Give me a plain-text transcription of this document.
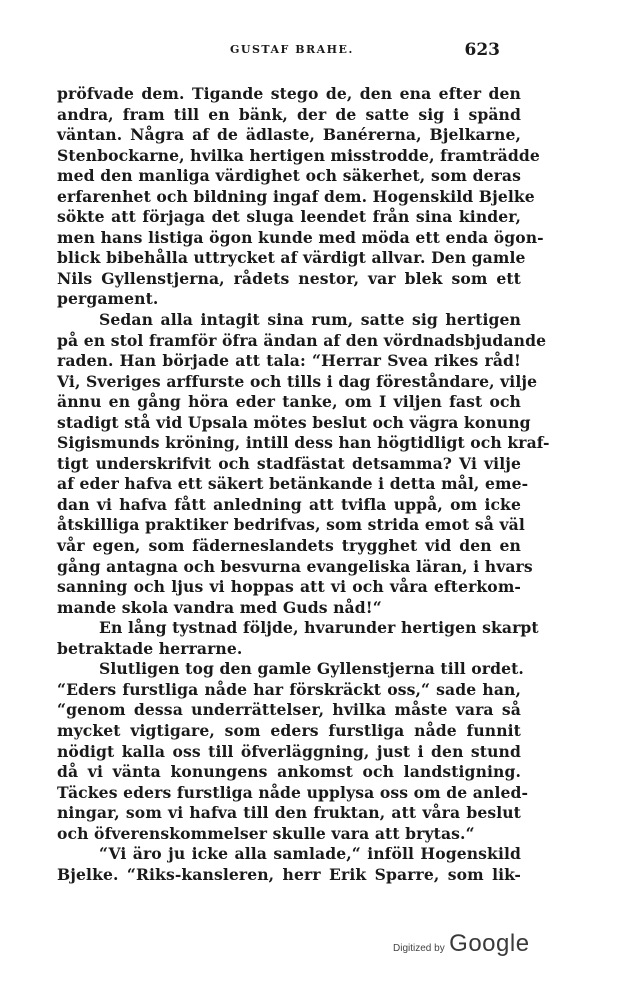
GUSTAF BRAHE.	623
pröfvade dem. Tigande stego de, den ena efter den
andra, fram till en bänk, der de satte sig i spänd
väntan. Några af de ädlaste, Banérerna, Bjelkarne,
Stenbockarne, hvilka hertigen misstrodde, framträdde
med den manliga värdighet och säkerhet, som deras
erfarenhet och bildning ingaf dem. Hogenskild Bjelke
sökte att förjaga det sluga leendet från sina kinder,
men hans listiga ögon kunde med möda ett enda ögon-
blick bibehålla uttrycket af värdigt allvar. Den gamle
Nils Gyllenstjerna, rådets nestor, var blek som ett
pergament.
Sedan alla intagit sina rum, satte sig hertigen
på en stol framför öfra ändan af den vördnadsbjudande
raden. Han började att tala: “Herrar Svea rikes råd!
Vi, Sveriges arffurste och tills i dag föreståndare, vilje
ännu en gång höra eder tanke, om I viljen fast och
stadigt stå vid Upsala mötes beslut och vägra konung
Sigismunds kröning, intill dess han högtidligt och kraf-
tigt underskrifvit och stadfästat detsamma? Vi vilje
af eder hafva ett säkert betänkande i detta mål, eme-
dan vi hafva fått anledning att tvifla uppå, om icke
åtskilliga praktiker bedrifvas, som strida emot så väl
vår egen, som fäderneslandets trygghet vid den en
gång antagna och besvurna evangeliska läran, i hvars
sanning och ljus vi hoppas att vi och våra efterkom-
mande skola vandra med Guds nåd!“
En lång tystnad följde, hvarunder hertigen skarpt
betraktade herrarne.
Slutligen tog den gamle Gyllenstjerna till ordet.
“Eders furstliga nåde har förskräckt oss,“ sade han,
“genom dessa underrättelser, hvilka måste vara så
mycket vigtigare, som eders furstliga nåde funnit
nödigt kalla oss till öfverläggning, just i den stund
då vi vänta konungens ankomst och landstigning.
Täckes eders furstliga nåde upplysa oss om de anled-
ningar, som vi hafva till den fruktan, att våra beslut
och öfverenskommelser skulle vara att brytas.“
“Vi äro ju icke alla samlade,“ inföll Hogenskild
Bjelke. “Riks-kansleren, herr Erik Sparre, som lik-
Digitized by Google
